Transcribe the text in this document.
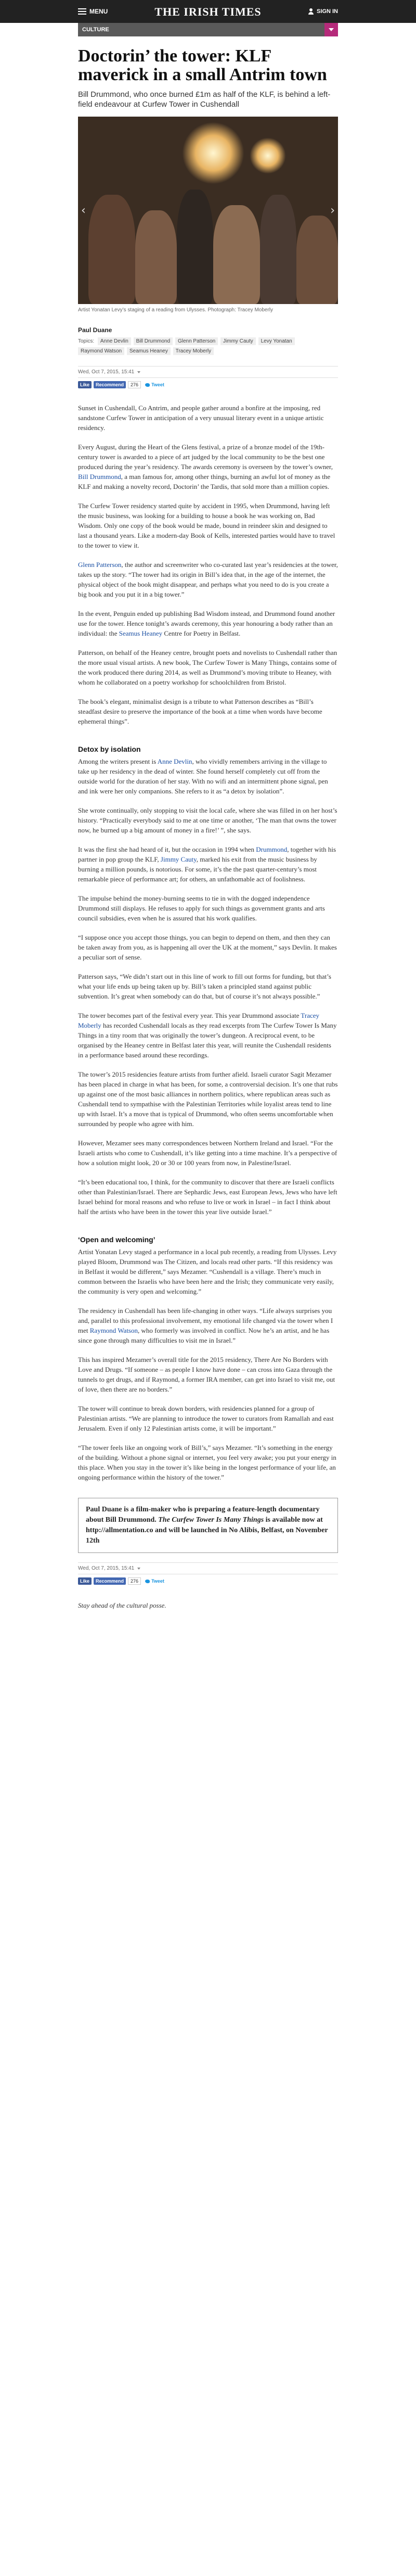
MENU	THE IRISH TIMES	SIGN IN
CULTURE
Doctorin’ the tower: KLF maverick in a small Antrim town

Bill Drummond, who once burned £1m as half of the KLF, is behind a left-field endeavour at Curfew Tower in Cushendall

‹	›

Artist Yonatan Levy’s staging of a reading from Ulysses. Photograph: Tracey Moberly

Paul Duane

Topics: Anne Devlin Bill Drummond Glenn Patterson Jimmy Cauty Levy Yonatan Raymond Watson Seamus Heaney Tracey Moberly
Wed, Oct 7, 2015, 15:41
Like	Recommend	276	Tweet

Sunset in Cushendall, Co Antrim, and people gather around a bonfire at the imposing, red sandstone Curfew Tower in anticipation of a very unusual literary event in a unique artistic residency.

Every August, during the Heart of the Glens festival, a prize of a bronze model of the 19th-century tower is awarded to a piece of art judged by the local community to be the best one produced during the year’s residency. The awards ceremony is overseen by the tower’s owner, Bill Drummond, a man famous for, among other things, burning an awful lot of money as the KLF and making a novelty record, Doctorin’ the Tardis, that sold more than a million copies.

The Curfew Tower residency started quite by accident in 1995, when Drummond, having left the music business, was looking for a building to house a book he was working on, Bad Wisdom. Only one copy of the book would be made, bound in reindeer skin and designed to last a thousand years. Like a modern-day Book of Kells, interested parties would have to travel to the tower to view it.

Glenn Patterson, the author and screenwriter who co-curated last year’s residencies at the tower, takes up the story. “The tower had its origin in Bill’s idea that, in the age of the internet, the physical object of the book might disappear, and perhaps what you need to do is you create a big book and you put it in a big tower.”

In the event, Penguin ended up publishing Bad Wisdom instead, and Drummond found another use for the tower. Hence tonight’s awards ceremony, this year honouring a body rather than an individual: the Seamus Heaney Centre for Poetry in Belfast.

Patterson, on behalf of the Heaney centre, brought poets and novelists to Cushendall rather than the more usual visual artists. A new book, The Curfew Tower is Many Things, contains some of the work produced there during 2014, as well as Drummond’s moving tribute to Heaney, with whom he collaborated on a poetry workshop for schoolchildren from Bristol.

The book’s elegant, minimalist design is a tribute to what Patterson describes as “Bill’s steadfast desire to preserve the importance of the book at a time when words have become ephemeral things”.

Detox by isolation

Among the writers present is Anne Devlin, who vividly remembers arriving in the village to take up her residency in the dead of winter. She found herself completely cut off from the outside world for the duration of her stay. With no wifi and an intermittent phone signal, pen and ink were her only companions. She refers to it as “a detox by isolation”.

She wrote continually, only stopping to visit the local cafe, where she was filled in on her host’s history. “Practically everybody said to me at one time or another, ‘The man that owns the tower now, he burned up a big amount of money in a fire!’ ”, she says.

It was the first she had heard of it, but the occasion in 1994 when Drummond, together with his partner in pop group the KLF, Jimmy Cauty, marked his exit from the music business by burning a million pounds, is notorious. For some, it’s the the past quarter-century’s most remarkable piece of performance art; for others, an unfathomable act of foolishness.

The impulse behind the money-burning seems to tie in with the dogged independence Drummond still displays. He refuses to apply for such things as government grants and arts council subsidies, even when he is assured that his work qualifies.

“I suppose once you accept those things, you can begin to depend on them, and then they can be taken away from you, as is happening all over the UK at the moment,” says Devlin. It makes a peculiar sort of sense.

Patterson says, “We didn’t start out in this line of work to fill out forms for funding, but that’s what your life ends up being taken up by. Bill’s taken a principled stand against public subvention. It’s great when somebody can do that, but of course it’s not always possible.”

The tower becomes part of the festival every year. This year Drummond associate Tracey Moberly has recorded Cushendall locals as they read excerpts from The Curfew Tower Is Many Things in a tiny room that was originally the tower’s dungeon. A reciprocal event, to be organised by the Heaney centre in Belfast later this year, will reunite the Cushendall residents in a performance based around these recordings.

The tower’s 2015 residencies feature artists from further afield. Israeli curator Sagit Mezamer has been placed in charge in what has been, for some, a controversial decision. It’s one that rubs up against one of the most basic alliances in northern politics, where republican areas such as Cushendall tend to sympathise with the Palestinian Territories while loyalist areas tend to line up with Israel. It’s a move that is typical of Drummond, who often seems uncomfortable when surrounded by people who agree with him.

However, Mezamer sees many correspondences between Northern Ireland and Israel. “For the Israeli artists who come to Cushendall, it’s like getting into a time machine. It’s a perspective of how a solution might look, 20 or 30 or 100 years from now, in Palestine/Israel.

“It’s been educational too, I think, for the community to discover that there are Israeli conflicts other than Palestinian/Israel. There are Sephardic Jews, east European Jews, Jews who have left Israel behind for moral reasons and who refuse to live or work in Israel – in fact I think about half the artists who have been in the tower this year live outside Israel.”

‘Open and welcoming’

Artist Yonatan Levy staged a performance in a local pub recently, a reading from Ulysses. Levy played Bloom, Drummond was The Citizen, and locals read other parts. “If this residency was in Belfast it would be different,” says Mezamer. “Cushendall is a village. There’s much in common between the Israelis who have been here and the Irish; they communicate very easily, the community is very open and welcoming.”

The residency in Cushendall has been life-changing in other ways. “Life always surprises you and, parallel to this professional involvement, my emotional life changed via the tower when I met Raymond Watson, who formerly was involved in conflict. Now he’s an artist, and he has since gone through many difficulties to visit me in Israel.”

This has inspired Mezamer’s overall title for the 2015 residency, There Are No Borders with Love and Drugs. “If someone – as people I know have done – can cross into Gaza through the tunnels to get drugs, and if Raymond, a former IRA member, can get into Israel to visit me, out of love, then there are no borders.”

The tower will continue to break down borders, with residencies planned for a group of Palestinian artists. “We are planning to introduce the tower to curators from Ramallah and east Jerusalem. Even if only 12 Palestinian artists come, it will be important.”

“The tower feels like an ongoing work of Bill’s,” says Mezamer. “It’s something in the energy of the building. Without a phone signal or internet, you feel very awake; you put your energy in this place. When you stay in the tower it’s like being in the longest performance of your life, an ongoing performance within the history of the tower.”

Paul Duane is a film-maker who is preparing a feature-length documentary about Bill Drummond. The Curfew Tower Is Many Things is available now at http://allmentation.co and will be launched in No Alibis, Belfast, on November 12th
Wed, Oct 7, 2015, 15:41
Like	Recommend	276	Tweet

Stay ahead of the cultural posse.
